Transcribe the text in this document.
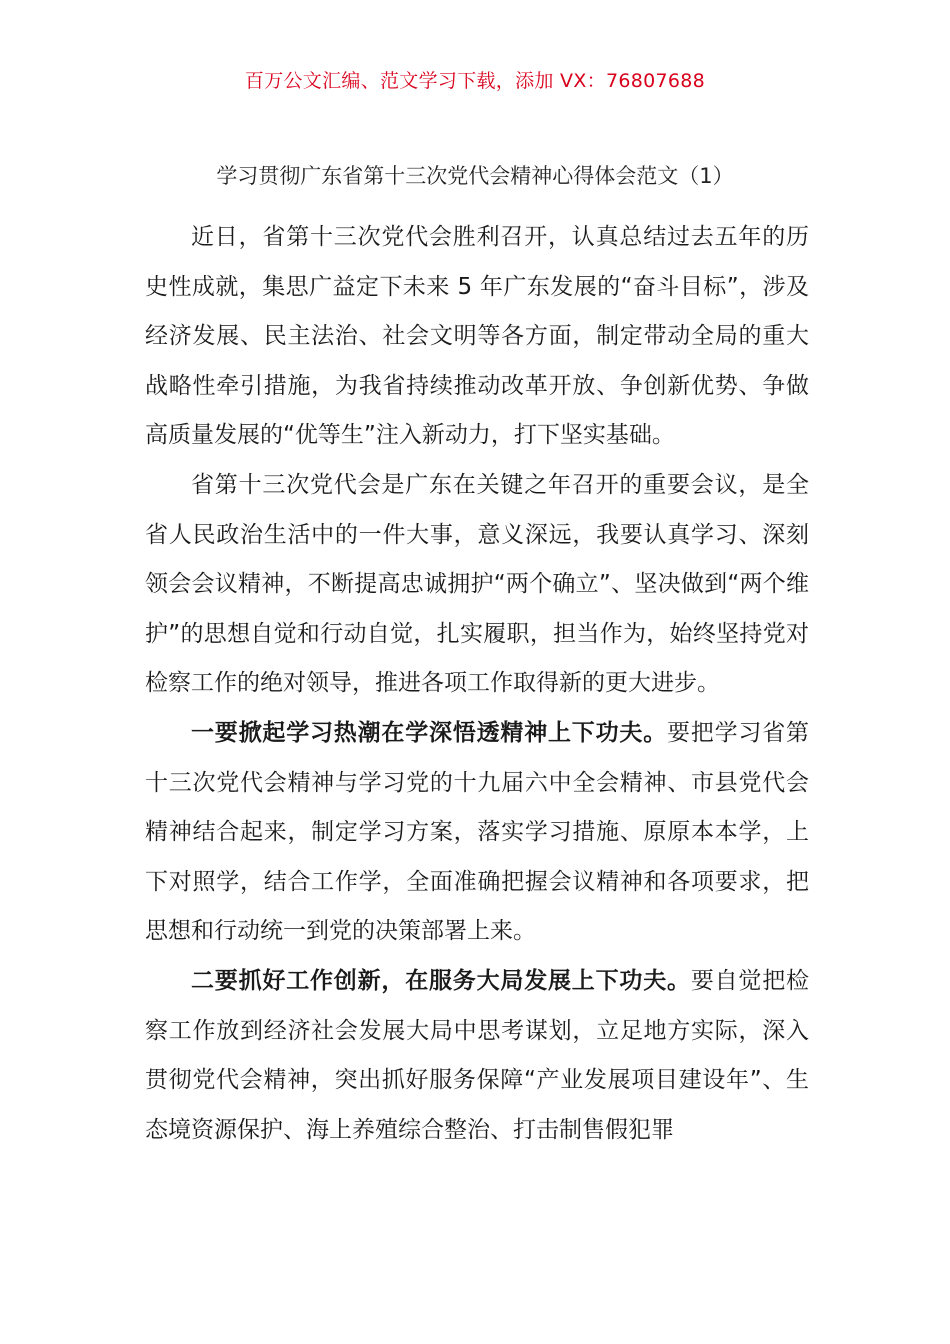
百万公文汇编、范文学习下载，添加 VX：76807688
学习贯彻广东省第十三次党代会精神心得体会范文（1）

近日，省第十三次党代会胜利召开，认真总结过去五年的历史性成就，集思广益定下未来 5 年广东发展的“奋斗目标”，涉及经济发展、民主法治、社会文明等各方面，制定带动全局的重大战略性牵引措施，为我省持续推动改革开放、争创新优势、争做高质量发展的“优等生”注入新动力，打下坚实基础。

省第十三次党代会是广东在关键之年召开的重要会议，是全省人民政治生活中的一件大事，意义深远，我要认真学习、深刻领会会议精神，不断提高忠诚拥护“两个确立”、坚决做到“两个维护”的思想自觉和行动自觉，扎实履职，担当作为，始终坚持党对检察工作的绝对领导，推进各项工作取得新的更大进步。

一要掀起学习热潮在学深悟透精神上下功夫。要把学习省第十三次党代会精神与学习党的十九届六中全会精神、市县党代会精神结合起来，制定学习方案，落实学习措施、原原本本学，上下对照学，结合工作学，全面准确把握会议精神和各项要求，把思想和行动统一到党的决策部署上来。

二要抓好工作创新，在服务大局发展上下功夫。要自觉把检察工作放到经济社会发展大局中思考谋划，立足地方实际，深入贯彻党代会精神，突出抓好服务保障“产业发展项目建设年”、生态境资源保护、海上养殖综合整治、打击制售假犯罪
